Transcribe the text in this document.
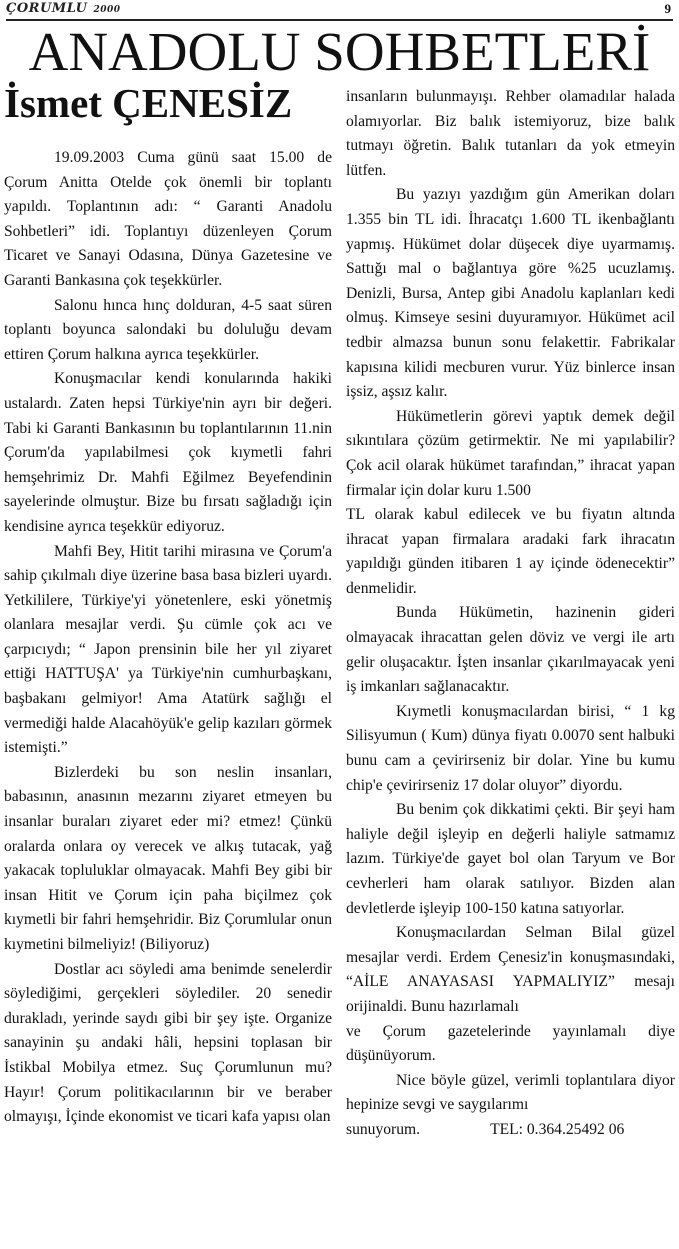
ÇORUMLU 2000	9
ANADOLU SOHBETLERİ
İsmet ÇENESİZ

19.09.2003 Cuma günü saat 15.00 de Çorum Anitta Otelde çok önemli bir toplantı yapıldı. Toplantının adı: “ Garanti Anadolu Sohbetleri” idi. Toplantıyı düzenleyen Çorum Ticaret ve Sanayi Odasına, Dünya Gazetesine ve Garanti Bankasına çok teşekkürler.

Salonu hınca hınç dolduran, 4-5 saat süren toplantı boyunca salondaki bu doluluğu devam ettiren Çorum halkına ayrıca teşekkürler.

Konuşmacılar kendi konularında hakiki ustalardı. Zaten hepsi Türkiye'nin ayrı bir değeri. Tabi ki Garanti Bankasının bu toplantılarının 11.nin Çorum'da yapılabilmesi çok kıymetli fahri hemşehrimiz Dr. Mahfi Eğilmez Beyefendinin sayelerinde olmuştur. Bize bu fırsatı sağladığı için kendisine ayrıca teşekkür ediyoruz.

Mahfi Bey, Hitit tarihi mirasına ve Çorum'a sahip çıkılmalı diye üzerine basa basa bizleri uyardı. Yetkililere, Türkiye'yi yönetenlere, eski yönetmiş olanlara mesajlar verdi. Şu cümle çok acı ve çarpıcıydı; “ Japon prensinin bile her yıl ziyaret ettiği HATTUŞA' ya Türkiye'nin cumhurbaşkanı, başbakanı gelmiyor! Ama Atatürk sağlığı el vermediği halde Alacahöyük'e gelip kazıları görmek istemişti.”

Bizlerdeki bu son neslin insanları, babasının, anasının mezarını ziyaret etmeyen bu insanlar buraları ziyaret eder mi? etmez! Çünkü oralarda onlara oy verecek ve alkış tutacak, yağ yakacak topluluklar olmayacak. Mahfi Bey gibi bir insan Hitit ve Çorum için paha biçilmez çok kıymetli bir fahri hemşehridir. Biz Çorumlular onun kıymetini bilmeliyiz! (Biliyoruz)

Dostlar acı söyledi ama benimde senelerdir söylediğimi, gerçekleri söylediler. 20 senedir durakladı, yerinde saydı gibi bir şey işte. Organize sanayinin şu andaki hâli, hepsini toplasan bir İstikbal Mobilya etmez. Suç Çorumlunun mu? Hayır! Çorum politikacılarının bir ve beraber olmayışı, İçinde ekonomist ve ticari kafa yapısı olan

insanların bulunmayışı. Rehber olamadılar halada olamıyorlar. Biz balık istemiyoruz, bize balık tutmayı öğretin. Balık tutanları da yok etmeyin lütfen.

Bu yazıyı yazdığım gün Amerikan doları 1.355 bin TL idi. İhracatçı 1.600 TL ikenbağlantı yapmış. Hükümet dolar düşecek diye uyarmamış. Sattığı mal o bağlantıya göre %25 ucuzlamış. Denizli, Bursa, Antep gibi Anadolu kaplanları kedi olmuş. Kimseye sesini duyuramıyor. Hükümet acil tedbir almazsa bunun sonu felakettir. Fabrikalar kapısına kilidi mecburen vurur. Yüz binlerce insan işsiz, aşsız kalır.

Hükümetlerin görevi yaptık demek değil sıkıntılara çözüm getirmektir. Ne mi yapılabilir? Çok acil olarak hükümet tarafından,” ihracat yapan firmalar için dolar kuru 1.500

TL olarak kabul edilecek ve bu fiyatın altında ihracat yapan firmalara aradaki fark ihracatın yapıldığı günden itibaren 1 ay içinde ödenecektir” denmelidir.

Bunda Hükümetin, hazinenin gideri olmayacak ihracattan gelen döviz ve vergi ile artı gelir oluşacaktır. İşten insanlar çıkarılmayacak yeni iş imkanları sağlanacaktır.

Kıymetli konuşmacılardan birisi, “ 1 kg Silisyumun ( Kum) dünya fiyatı 0.0070 sent halbuki bunu cam a çevirirseniz bir dolar. Yine bu kumu chip'e çevirirseniz 17 dolar oluyor” diyordu.

Bu benim çok dikkatimi çekti. Bir şeyi ham haliyle değil işleyip en değerli haliyle satmamız lazım. Türkiye'de gayet bol olan Taryum ve Bor cevherleri ham olarak satılıyor. Bizden alan devletlerde işleyip 100-150 katına satıyorlar.

Konuşmacılardan Selman Bilal güzel mesajlar verdi. Erdem Çenesiz'in konuşmasındaki, “AİLE ANAYASASI YAPMALIYIZ” mesajı orijinaldi. Bunu hazırlamalı

ve Çorum gazetelerinde yayınlamalı diye düşünüyorum.

Nice böyle güzel, verimli toplantılara diyor hepinize sevgi ve saygılarımı

sunuyorum.	TEL: 0.364.25492 06
